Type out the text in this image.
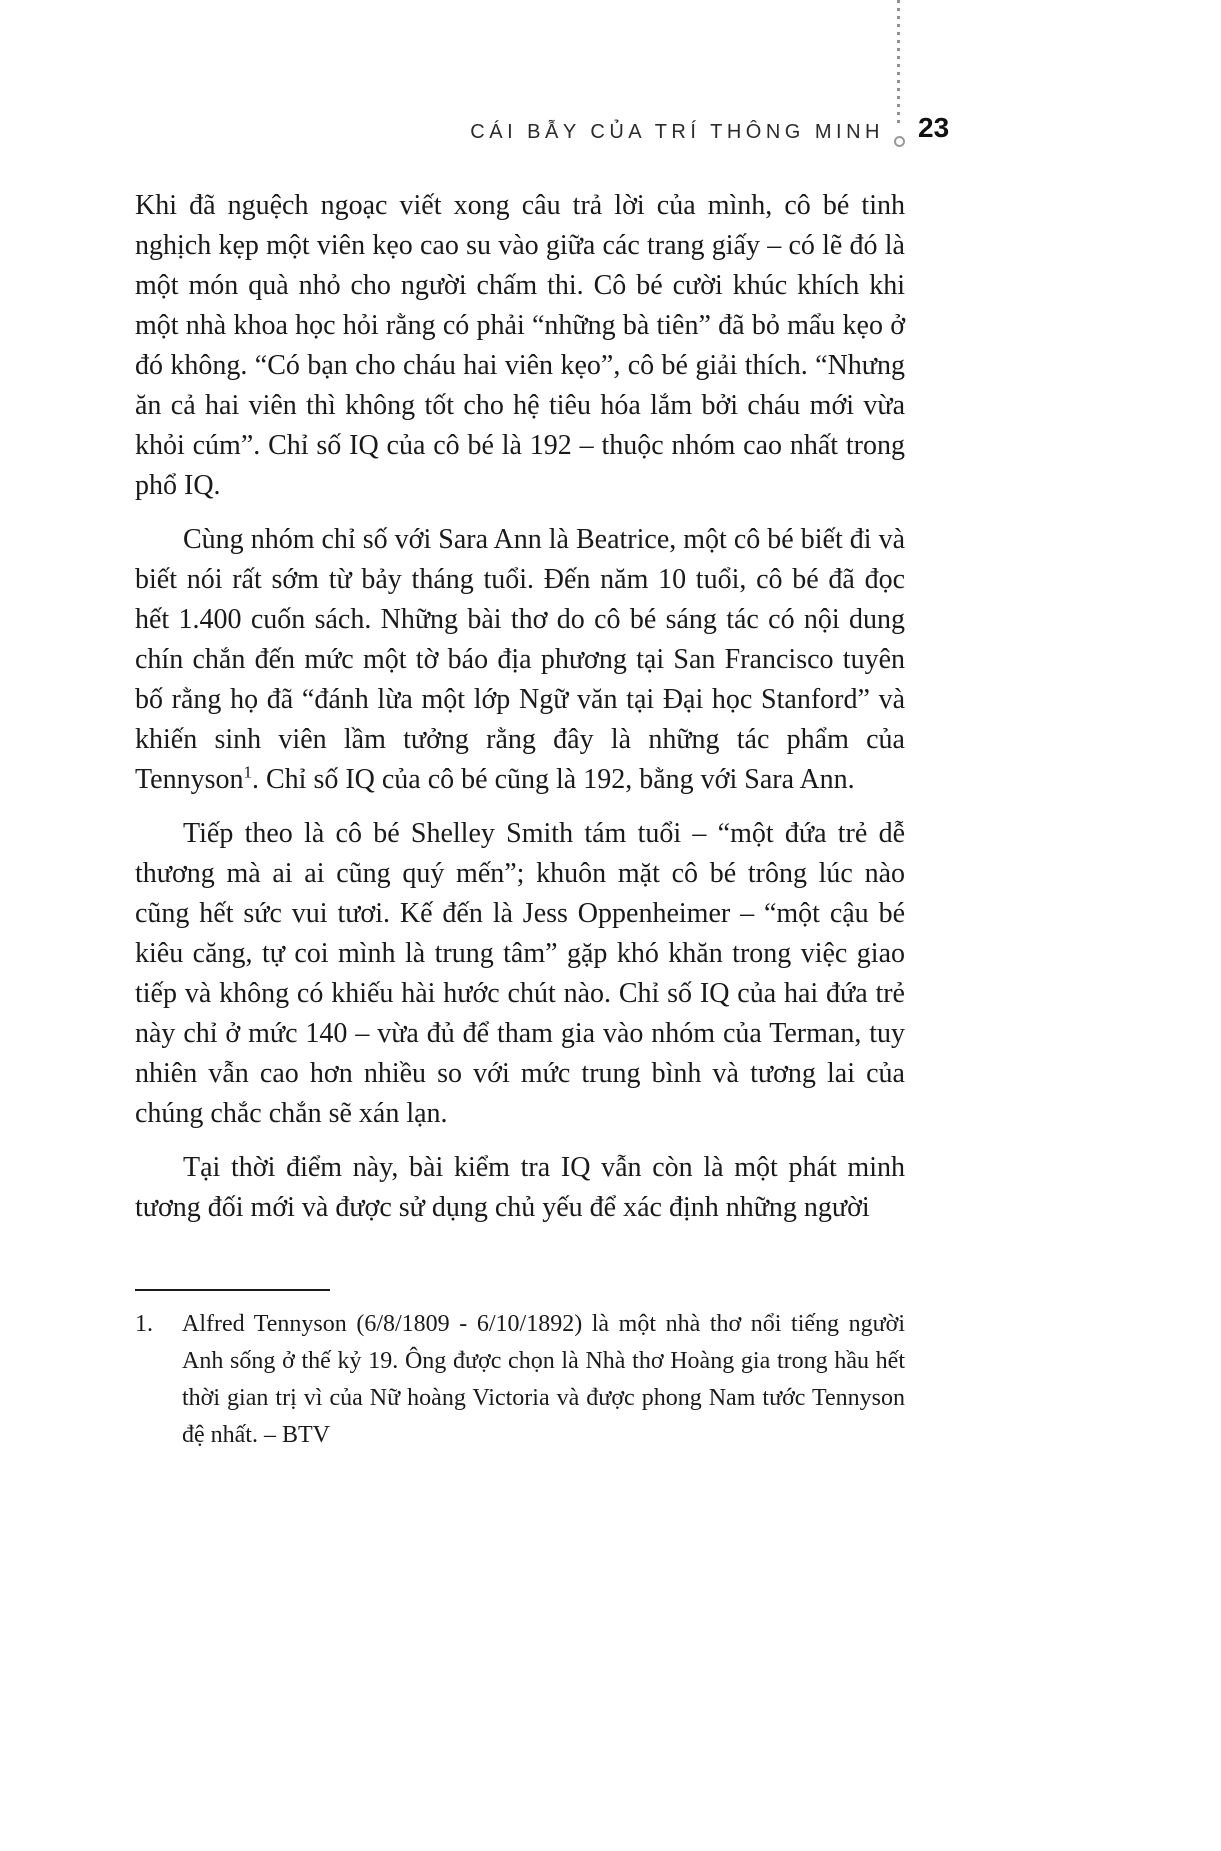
CÁI BẪY CỦA TRÍ THÔNG MINH 23

Khi đã nguệch ngoạc viết xong câu trả lời của mình, cô bé tinh nghịch kẹp một viên kẹo cao su vào giữa các trang giấy – có lẽ đó là một món quà nhỏ cho người chấm thi. Cô bé cười khúc khích khi một nhà khoa học hỏi rằng có phải “những bà tiên” đã bỏ mẩu kẹo ở đó không. “Có bạn cho cháu hai viên kẹo”, cô bé giải thích. “Nhưng ăn cả hai viên thì không tốt cho hệ tiêu hóa lắm bởi cháu mới vừa khỏi cúm”. Chỉ số IQ của cô bé là 192 – thuộc nhóm cao nhất trong phổ IQ.

Cùng nhóm chỉ số với Sara Ann là Beatrice, một cô bé biết đi và biết nói rất sớm từ bảy tháng tuổi. Đến năm 10 tuổi, cô bé đã đọc hết 1.400 cuốn sách. Những bài thơ do cô bé sáng tác có nội dung chín chắn đến mức một tờ báo địa phương tại San Francisco tuyên bố rằng họ đã “đánh lừa một lớp Ngữ văn tại Đại học Stanford” và khiến sinh viên lầm tưởng rằng đây là những tác phẩm của Tennyson$^1$. Chỉ số IQ của cô bé cũng là 192, bằng với Sara Ann.

Tiếp theo là cô bé Shelley Smith tám tuổi – “một đứa trẻ dễ thương mà ai ai cũng quý mến”; khuôn mặt cô bé trông lúc nào cũng hết sức vui tươi. Kế đến là Jess Oppenheimer – “một cậu bé kiêu căng, tự coi mình là trung tâm” gặp khó khăn trong việc giao tiếp và không có khiếu hài hước chút nào. Chỉ số IQ của hai đứa trẻ này chỉ ở mức 140 – vừa đủ để tham gia vào nhóm của Terman, tuy nhiên vẫn cao hơn nhiều so với mức trung bình và tương lai của chúng chắc chắn sẽ xán lạn.

Tại thời điểm này, bài kiểm tra IQ vẫn còn là một phát minh tương đối mới và được sử dụng chủ yếu để xác định những người

1.	Alfred Tennyson (6/8/1809 - 6/10/1892) là một nhà thơ nổi tiếng người Anh sống ở thế kỷ 19. Ông được chọn là Nhà thơ Hoàng gia trong hầu hết thời gian trị vì của Nữ hoàng Victoria và được phong Nam tước Tennyson đệ nhất. – BTV
